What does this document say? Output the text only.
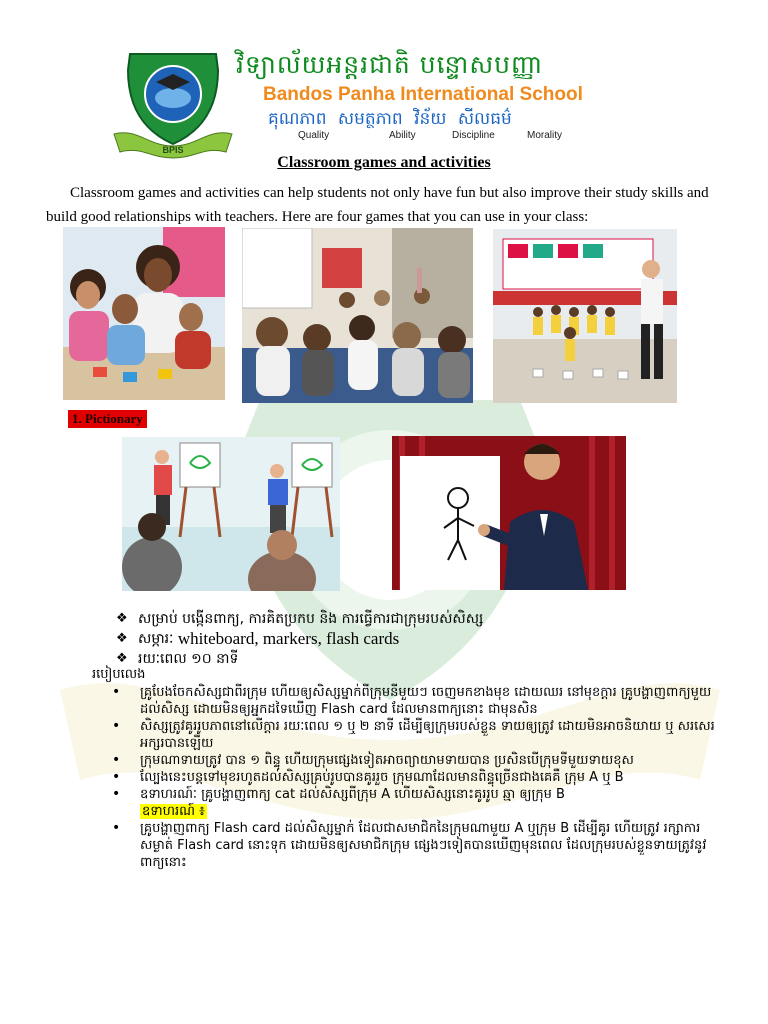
BPIS
វិទ្យាល័យអន្តរជាតិ បន្ទោសបញ្ញា
Bandos Panha International School
គុណភាព សមត្ថភាព វិន័យ សីលធម៌
Quality	Ability	Discipline	Morality
Classroom games and activities
Classroom games and activities can help students not only have fun but also improve their study skills and build good relationships with teachers. Here are four games that you can use in your class:
1. Pictionary
❖ សម្រាប់ បង្កើនពាក្យ, ការគិតប្រកប និង ការធ្វើការជាក្រុមរបស់សិស្ស
❖ សម្ភារៈ
whiteboard, markers, flash cards
❖ រយៈពេល ១០ នាទី
របៀបលេង
•	គ្រូបែងចែកសិស្សជាពីរក្រុម ហើយឲ្យសិស្សម្នាក់ពីក្រុមនីមួយៗ ចេញមកខាងមុខ ដោយឈរ នៅមុខក្ដារ គ្រូបង្ហាញពាក្យមួយដល់សិស្ស ដោយមិនឲ្យអ្នកដទៃឃើញ Flash card ដែលមានពាក្យនោះ ជាមុនសិន
•	សិស្សត្រូវគូររូបភាពនៅលើក្ដារ រយៈពេល ១ ឬ ២ នាទី ដើម្បីឲ្យក្រុមរបស់ខ្លួន ទាយឲ្យត្រូវ ដោយមិនអាចនិយាយ ឬ សរសេរអក្សរបានឡើយ
•	ក្រុមណាទាយត្រូវ បាន ១ ពិន្ទុ ហើយក្រុមផ្សេងទៀតអាចព្យាយាមទាយបាន ប្រសិនបើក្រុមទីមួយទាយខុស
•	ល្បែងនេះបន្តទៅមុខរហូតដល់សិស្សគ្រប់រូបបានគូររួច ក្រុមណាដែលមានពិន្ទុច្រើនជាងគេគឺ ក្រុម A ឬ B
•	ឧទាហរណ៍ៈ គ្រូបង្ហាញពាក្យ cat ដល់សិស្សពីក្រុម A ហើយសិស្សនោះគូររូប ឆ្មា ឲ្យក្រុម B
ឧទាហរណ៍ ៖
•	គ្រូបង្ហាញពាក្យ Flash card ដល់សិស្សម្នាក់ ដែលជាសមាជិកនៃក្រុមណាមួយ A ឬក្រុម B ដើម្បីគូរ ហើយត្រូវ រក្សាការសម្ងាត់ Flash card នោះទុក ដោយមិនឲ្យសមាជិកក្រុម ផ្សេងៗទៀតបានឃើញមុនពេល ដែលក្រុមរបស់ខ្លួនទាយត្រូវនូវពាក្យនោះ
